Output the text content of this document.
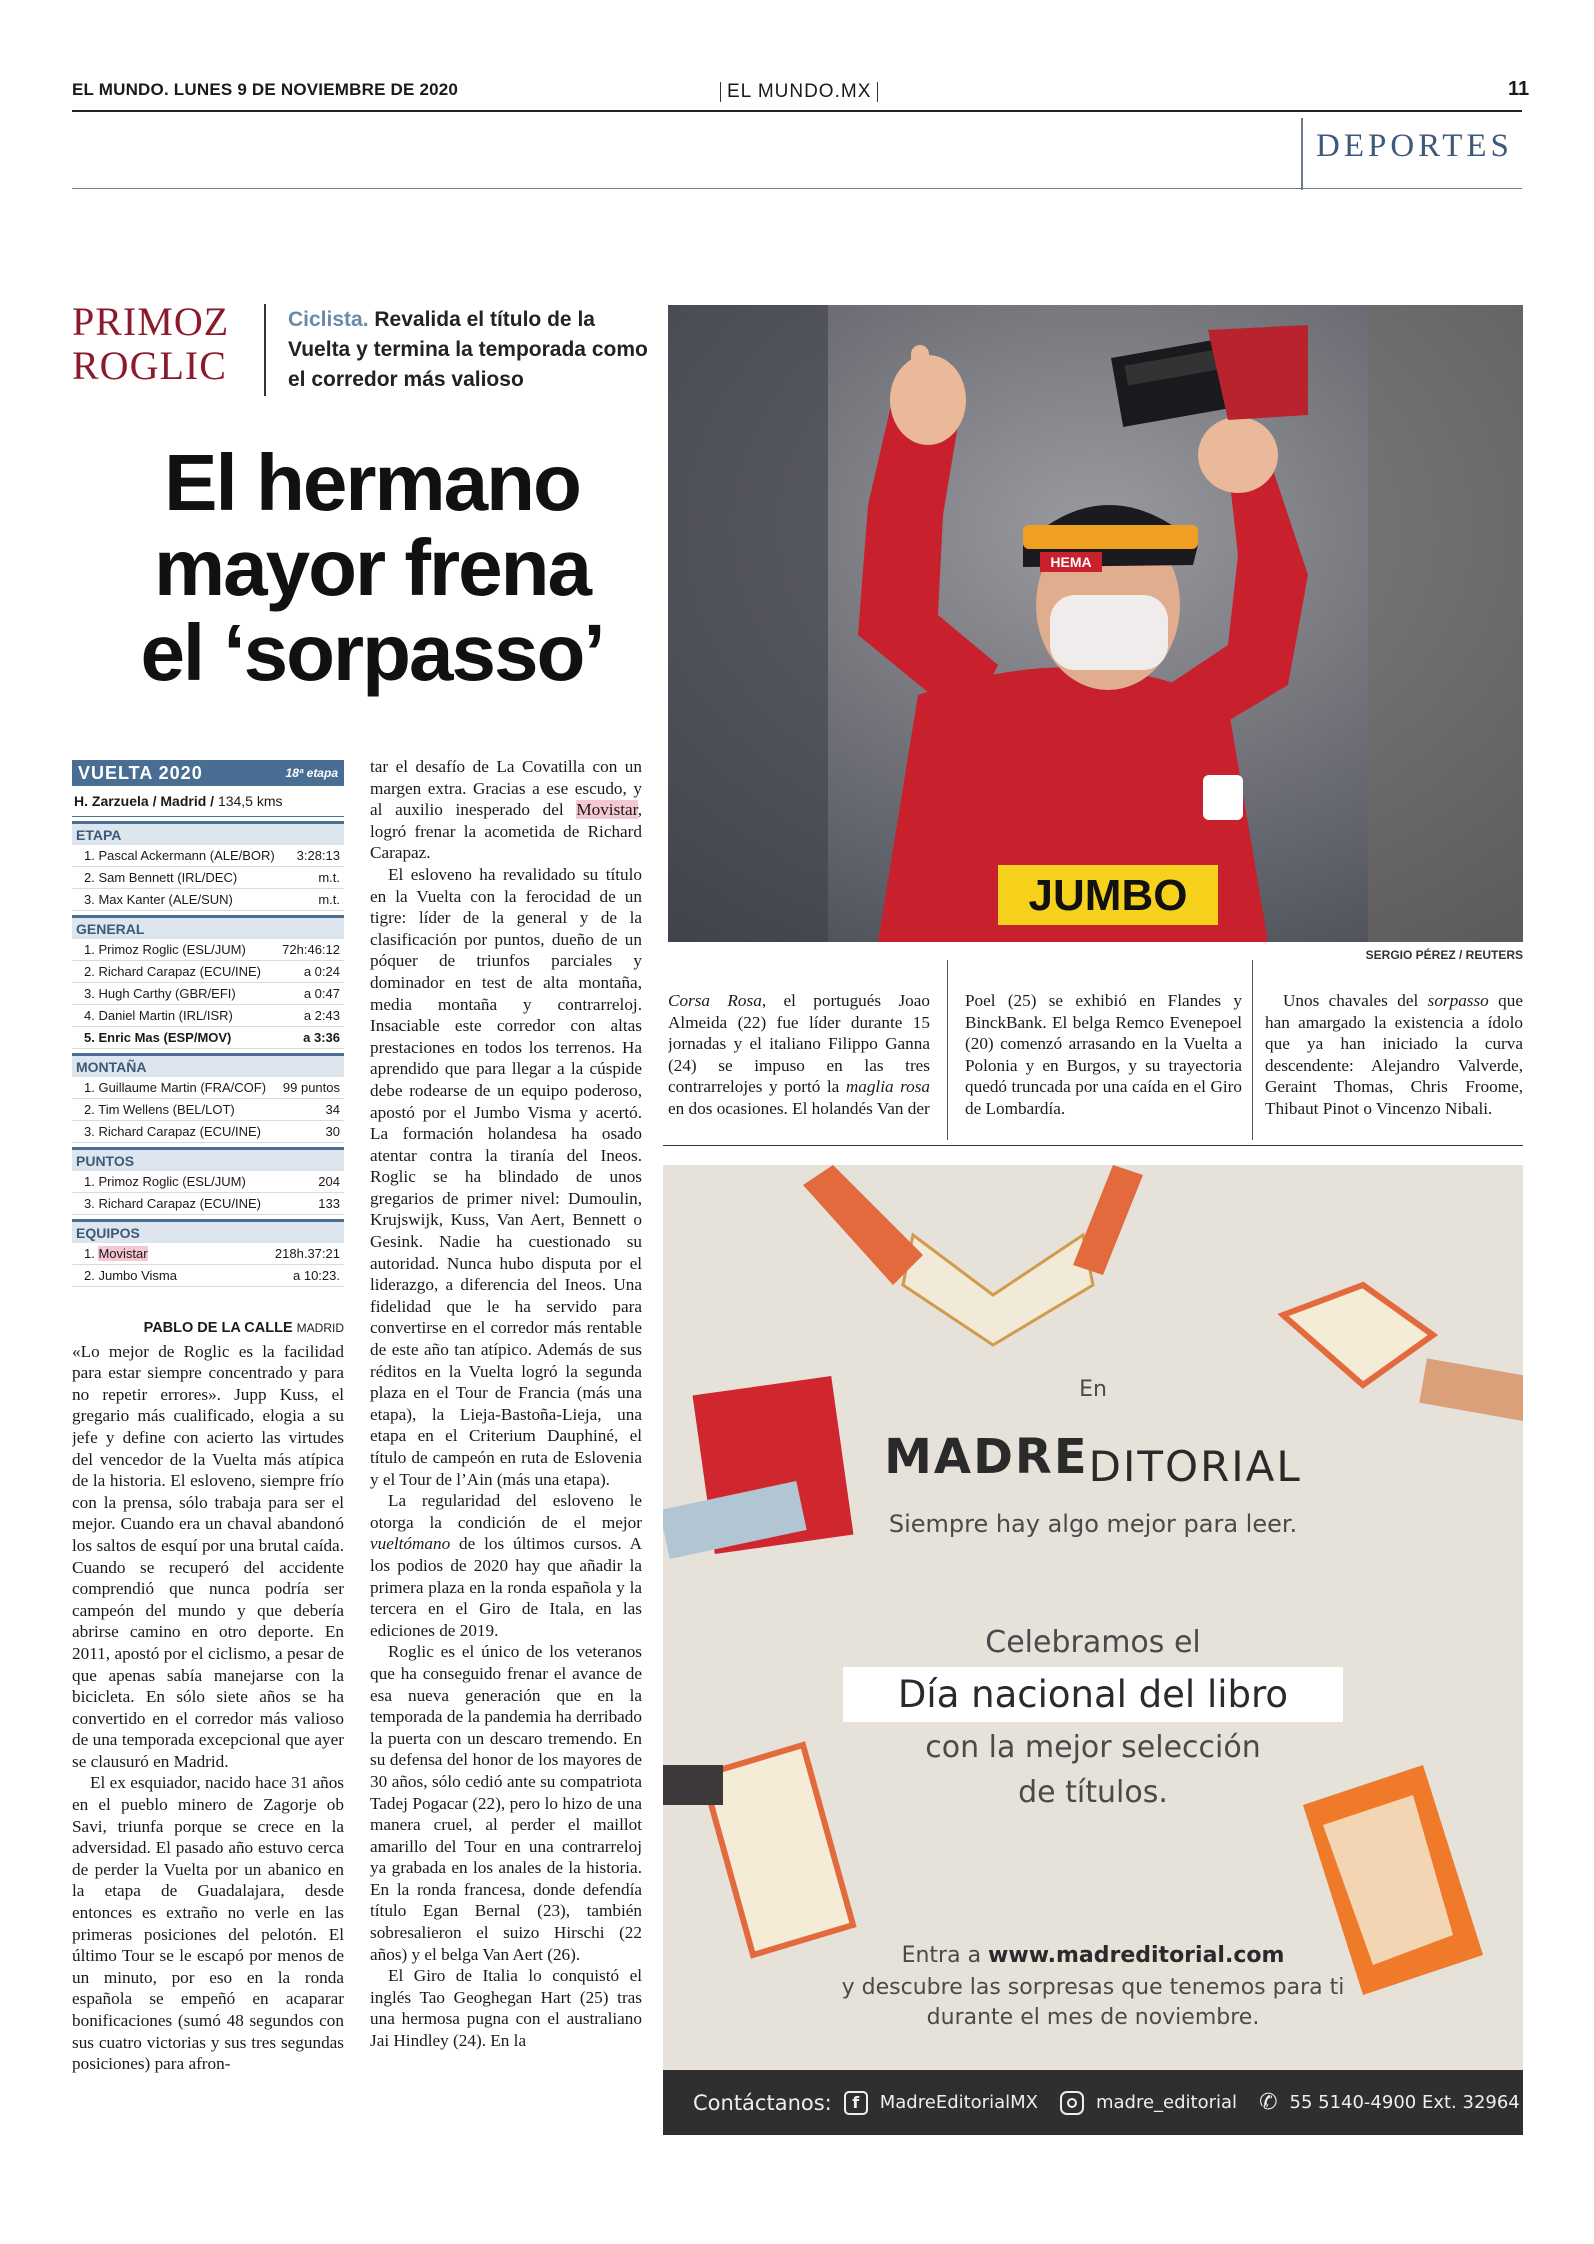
EL MUNDO. LUNES 9 DE NOVIEMBRE DE 2020	EL MUNDO.MX	11
DEPORTES
PRIMOZ
ROGLIC
Ciclista. Revalida el título de la Vuelta y termina la temporada como el corredor más valioso
El hermano
mayor frena
el ‘sorpasso’
VUELTA 2020	18ª etapa
H. Zarzuela / Madrid / 134,5 kms
ETAPA
1. Pascal Ackermann (ALE/BOR) 3:28:13
2. Sam Bennett (IRL/DEC)	m.t.
3. Max Kanter (ALE/SUN)	m.t.
GENERAL
1. Primoz Roglic (ESL/JUM)	72h:46:12
2. Richard Carapaz (ECU/INE)	a 0:24
3. Hugh Carthy (GBR/EFI)	a 0:47
4. Daniel Martin (IRL/ISR)	a 2:43
5. Enric Mas (ESP/MOV)	a 3:36
MONTAÑA
1. Guillaume Martin (FRA/COF) 99 puntos
2. Tim Wellens (BEL/LOT)	34
3. Richard Carapaz (ECU/INE)	30
PUNTOS
1. Primoz Roglic (ESL/JUM)	204
3. Richard Carapaz (ECU/INE)	133
EQUIPOS
1. Movistar	218h.37:21
2. Jumbo Visma	a 10:23.
PABLO DE LA CALLE MADRID

«Lo mejor de Roglic es la facilidad para estar siempre concentrado y para no repetir errores». Jupp Kuss, el gregario más cualificado, elogia a su jefe y define con acierto las virtudes del vencedor de la Vuelta más atípica de la historia. El esloveno, siempre frío con la prensa, sólo trabaja para ser el mejor. Cuando era un chaval abandonó los saltos de esquí por una brutal caída. Cuando se recuperó del accidente comprendió que nunca podría ser campeón del mundo y que debería abrirse camino en otro deporte. En 2011, apostó por el ciclismo, a pesar de que apenas sabía manejarse con la bicicleta. En sólo siete años se ha convertido en el corredor más valioso de una temporada excepcional que ayer se clausuró en Madrid.

El ex esquiador, nacido hace 31 años en el pueblo minero de Zagorje ob Savi, triunfa porque se crece en la adversidad. El pasado año estuvo cerca de perder la Vuelta por un abanico en la etapa de Guadalajara, desde entonces es extraño no verle en las primeras posiciones del pelotón. El último Tour se le escapó por menos de un minuto, por eso en la ronda española se empeñó en acaparar bonificaciones (sumó 48 segundos con sus cuatro victorias y sus tres segundas posiciones) para afron-

tar el desafío de La Covatilla con un margen extra. Gracias a ese escudo, y al auxilio inesperado del Movistar, logró frenar la acometida de Richard Carapaz.

El esloveno ha revalidado su título en la Vuelta con la ferocidad de un tigre: líder de la general y de la clasificación por puntos, dueño de un póquer de triunfos parciales y dominador en test de alta montaña, media montaña y contrarreloj. Insaciable este corredor con altas prestaciones en todos los terrenos. Ha aprendido que para llegar a la cúspide debe rodearse de un equipo poderoso, apostó por el Jumbo Visma y acertó. La formación holandesa ha osado atentar contra la tiranía del Ineos. Roglic se ha blindado de unos gregarios de primer nivel: Dumoulin, Krujswijk, Kuss, Van Aert, Bennett o Gesink. Nadie ha cuestionado su autoridad. Nunca hubo disputa por el liderazgo, a diferencia del Ineos. Una fidelidad que le ha servido para convertirse en el corredor más rentable de este año tan atípico. Además de sus réditos en la Vuelta logró la segunda plaza en el Tour de Francia (más una etapa), la Lieja-Bastoña-Lieja, una etapa en el Criterium Dauphiné, el título de campeón en ruta de Eslovenia y el Tour de l’Ain (más una etapa).

La regularidad del esloveno le otorga la condición de el mejor vueltómano de los últimos cursos. A los podios de 2020 hay que añadir la primera plaza en la ronda española y la tercera en el Giro de Itala, en las ediciones de 2019.

Roglic es el único de los veteranos que ha conseguido frenar el avance de esa nueva generación que en la temporada de la pandemia ha derribado la puerta con un descaro tremendo. En su defensa del honor de los mayores de 30 años, sólo cedió ante su compatriota Tadej Pogacar (22), pero lo hizo de una manera cruel, al perder el maillot amarillo del Tour en una contrarreloj ya grabada en los anales de la historia. En la ronda francesa, donde defendía título Egan Bernal (23), también sobresalieron el suizo Hirschi (22 años) y el belga Van Aert (26).

El Giro de Italia lo conquistó el inglés Tao Geoghegan Hart (25) tras una hermosa pugna con el australiano Jai Hindley (24). En la

JUMBO
HEMA
SERGIO PÉREZ / REUTERS

Corsa Rosa, el portugués Joao Almeida (22) fue líder durante 15 jornadas y el italiano Filippo Ganna (24) se impuso en las tres contrarrelojes y portó la maglia rosa en dos ocasiones. El holandés Van der

Poel (25) se exhibió en Flandes y BinckBank. El belga Remco Evenepoel (20) comenzó arrasando en la Vuelta a Polonia y en Burgos, y su trayectoria quedó truncada por una caída en el Giro de Lombardía.

Unos chavales del sorpasso que han amargado la existencia a ídolo que ya han iniciado la curva descendente: Alejandro Valverde, Geraint Thomas, Chris Froome, Thibaut Pinot o Vincenzo Nibali.

En
MADREDITORIAL
Siempre hay algo mejor para leer.
Celebramos el
Día nacional del libro
con la mejor selección
de títulos.
Entra a www.madreditorial.com
y descubre las sorpresas que tenemos para ti
durante el mes de noviembre.
Contáctanos:	f	MadreEditorialMX	madre_editorial ✆ 55 5140-4900 Ext. 32964
